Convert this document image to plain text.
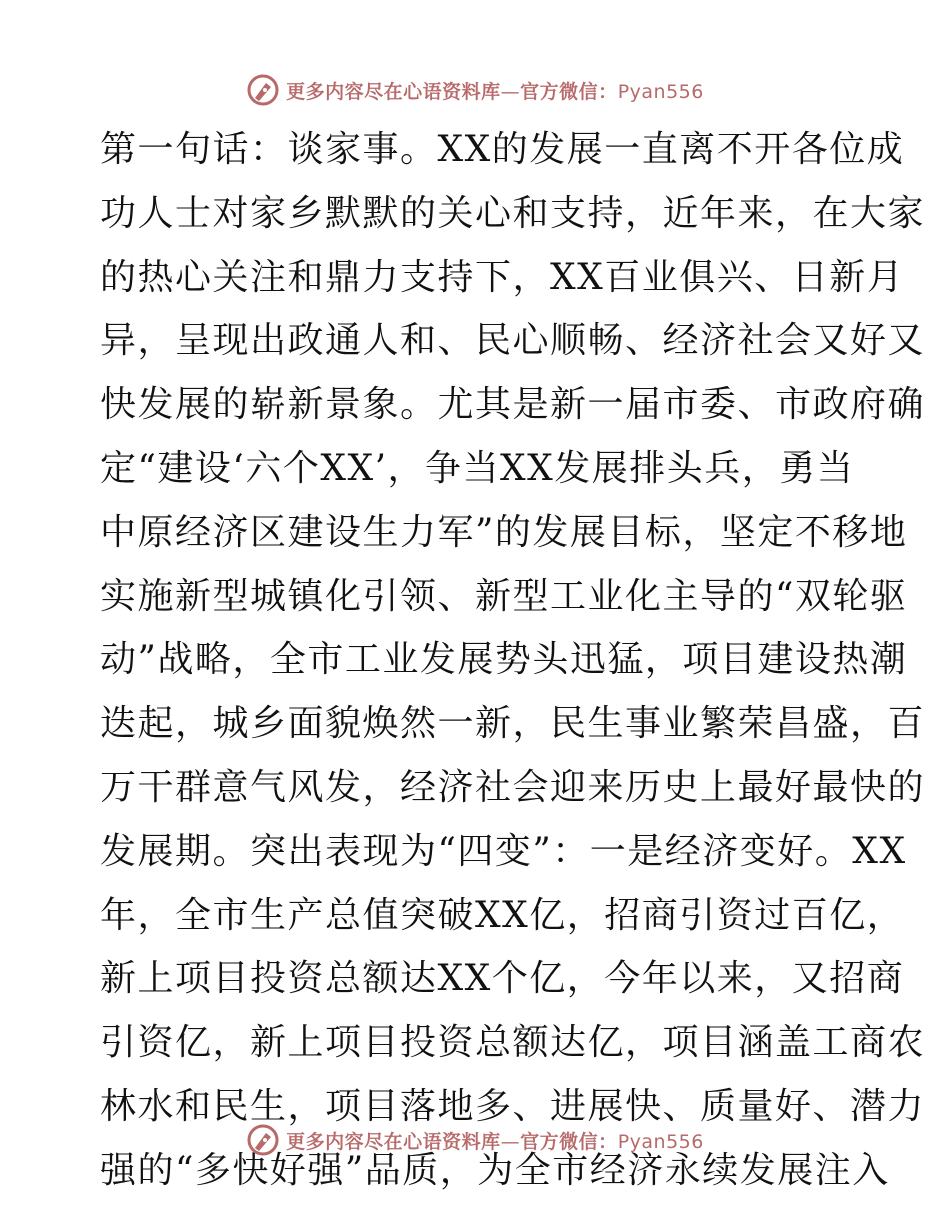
更多内容尽在心语资料库—官方微信：Pyan556
第一句话：谈家事。XX的发展一直离不开各位成
功人士对家乡默默的关心和支持，近年来，在大家
的热心关注和鼎力支持下，XX百业俱兴、日新月
异，呈现出政通人和、民心顺畅、经济社会又好又
快发展的崭新景象。尤其是新一届市委、市政府确
定“建设‘六个XX’，争当XX发展排头兵，勇当
中原经济区建设生力军”的发展目标，坚定不移地
实施新型城镇化引领、新型工业化主导的“双轮驱
动”战略，全市工业发展势头迅猛，项目建设热潮
迭起，城乡面貌焕然一新，民生事业繁荣昌盛，百
万干群意气风发，经济社会迎来历史上最好最快的
发展期。突出表现为“四变”：一是经济变好。XX
年，全市生产总值突破XX亿，招商引资过百亿，
新上项目投资总额达XX个亿，今年以来，又招商
引资亿，新上项目投资总额达亿，项目涵盖工商农
林水和民生，项目落地多、进展快、质量好、潜力
强的“多快好强”品质，为全市经济永续发展注入
更多内容尽在心语资料库—官方微信：Pyan556
